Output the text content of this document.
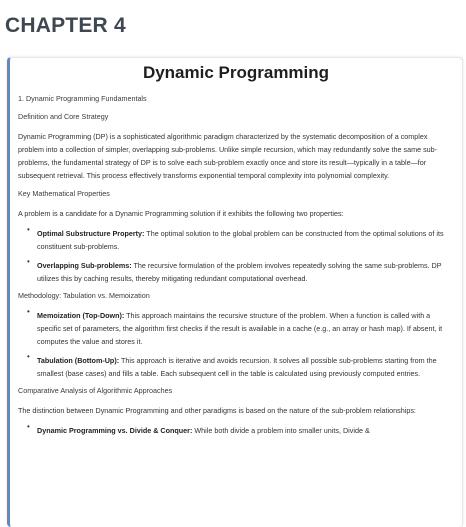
CHAPTER 4
Dynamic Programming
1. Dynamic Programming Fundamentals
Definition and Core Strategy
Dynamic Programming (DP) is a sophisticated algorithmic paradigm characterized by the systematic decomposition of a complex problem into a collection of simpler, overlapping sub-problems. Unlike simple recursion, which may redundantly solve the same sub-problems, the fundamental strategy of DP is to solve each sub-problem exactly once and store its result—typically in a table—for subsequent retrieval. This process effectively transforms exponential temporal complexity into polynomial complexity.
Key Mathematical Properties
A problem is a candidate for a Dynamic Programming solution if it exhibits the following two properties:
• Optimal Substructure Property: The optimal solution to the global problem can be constructed from the optimal solutions of its constituent sub-problems.
• Overlapping Sub-problems: The recursive formulation of the problem involves repeatedly solving the same sub-problems. DP utilizes this by caching results, thereby mitigating redundant computational overhead.
Methodology: Tabulation vs. Memoization
• Memoization (Top-Down): This approach maintains the recursive structure of the problem. When a function is called with a specific set of parameters, the algorithm first checks if the result is available in a cache (e.g., an array or hash map). If absent, it computes the value and stores it.
• Tabulation (Bottom-Up): This approach is iterative and avoids recursion. It solves all possible sub-problems starting from the smallest (base cases) and fills a table. Each subsequent cell in the table is calculated using previously computed entries.
Comparative Analysis of Algorithmic Approaches
The distinction between Dynamic Programming and other paradigms is based on the nature of the sub-problem relationships:
• Dynamic Programming vs. Divide & Conquer: While both divide a problem into smaller units, Divide &
